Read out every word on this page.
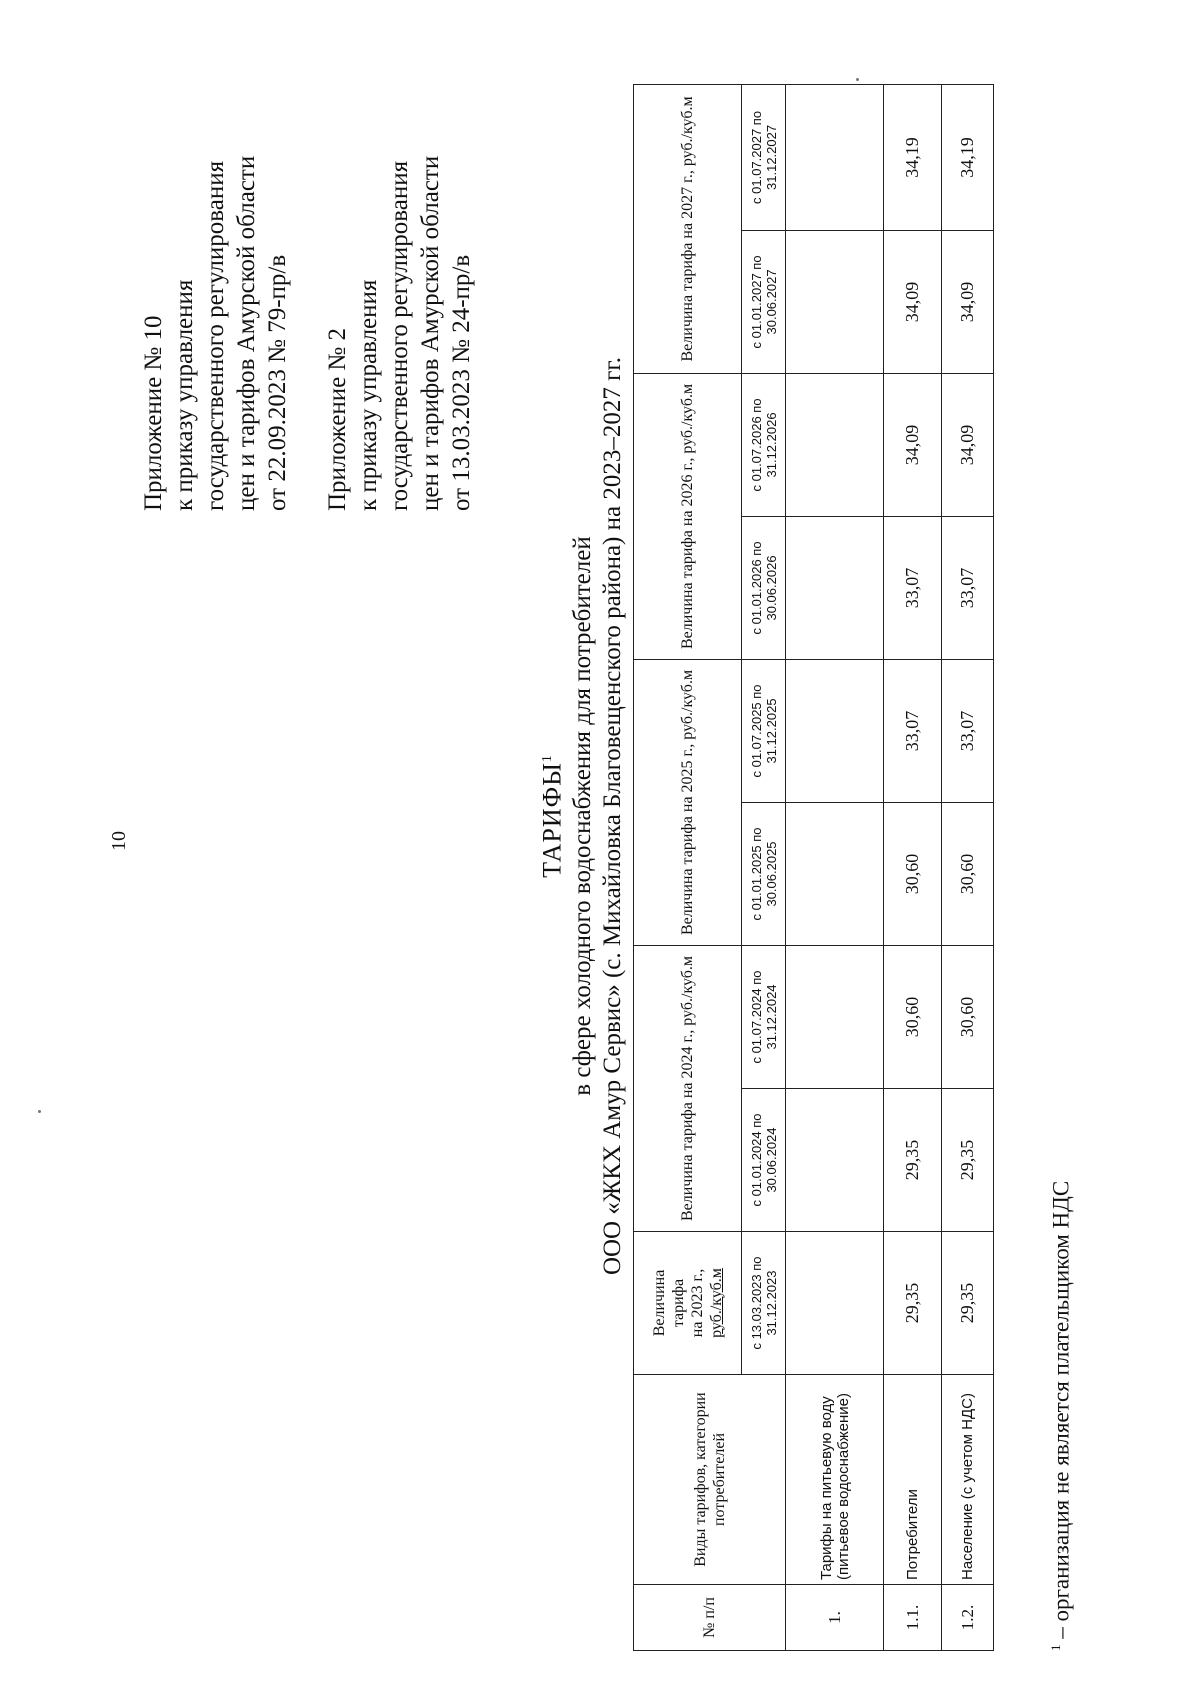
10
Приложение № 10 к приказу управления государственного регулирования цен и тарифов Амурской области от 22.09.2023 № 79-пр/в Приложение № 2 к приказу управления государственного регулирования цен и тарифов Амурской области от 13.03.2023 № 24-пр/в
ТАРИФЫ$^1$ в сфере холодного водоснабжения для потребителей ООО «ЖКХ Амур Сервис» (с. Михайловка Благовещенского района) на 2023–2027 гг.
№ п/п	Виды тарифов, категории потребителей	Величина тарифа на 2023 г., руб./куб.м	Величина тарифа на 2024 г., руб./куб.м		Величина тарифа на 2025 г., руб./куб.м		Величина тарифа на 2026 г., руб./куб.м		Величина тарифа на 2027 г., руб./куб.м	
		с 13.03.2023 по 31.12.2023	с 01.01.2024 по 30.06.2024	с 01.07.2024 по 31.12.2024	с 01.01.2025 по 30.06.2025	с 01.07.2025 по 31.12.2025	с 01.01.2026 по 30.06.2026	с 01.07.2026 по 31.12.2026	с 01.01.2027 по 30.06.2027	с 01.07.2027 по 31.12.2027
1.	Тарифы на питьевую воду (питьевое водоснабжение)									
1.1.	Потребители	29,35	29,35	30,60	30,60	33,07	33,07	34,09	34,09	34,19
1.2.	Население (с учетом НДС)	29,35	29,35	30,60	30,60	33,07	33,07	34,09	34,09	34,19
$^1$ – организация не является плательщиком НДС
